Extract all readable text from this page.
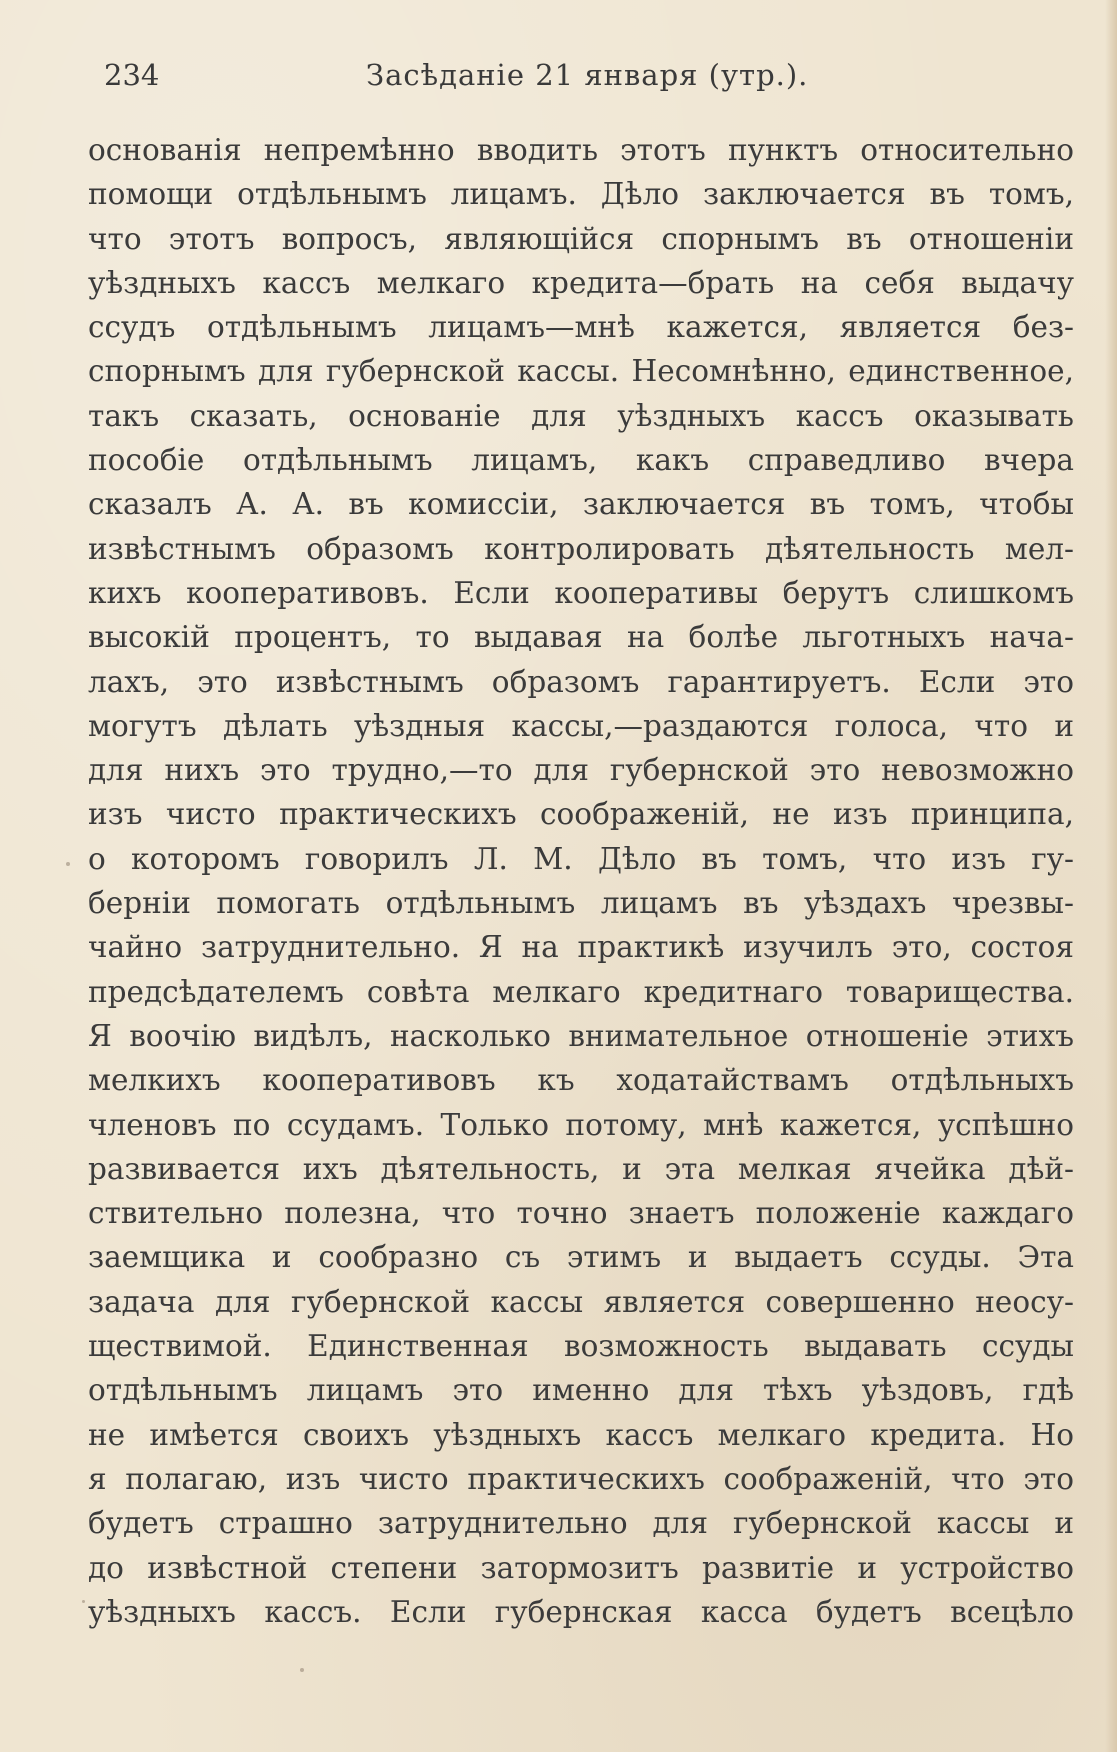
234	Засѣданіе 21 января (утр.).
основанія непремѣнно вводить этотъ пунктъ относительно
помощи отдѣльнымъ лицамъ. Дѣло заключается въ томъ,
что этотъ вопросъ, являющійся спорнымъ въ отношеніи
уѣздныхъ кассъ мелкаго кредита—брать на себя выдачу
ссудъ отдѣльнымъ лицамъ—мнѣ кажется, является без-
спорнымъ для губернской кассы. Несомнѣнно, единственное,
такъ сказать, основаніе для уѣздныхъ кассъ оказывать
пособіе отдѣльнымъ лицамъ, какъ справедливо вчера
сказалъ А. А. въ комиссіи, заключается въ томъ, чтобы
извѣстнымъ образомъ контролировать дѣятельность мел-
кихъ кооперативовъ. Если кооперативы берутъ слишкомъ
высокій процентъ, то выдавая на болѣе льготныхъ нача-
лахъ, это извѣстнымъ образомъ гарантируетъ. Если это
могутъ дѣлать уѣздныя кассы,—раздаются голоса, что и
для нихъ это трудно,—то для губернской это невозможно
изъ чисто практическихъ соображеній, не изъ принципа,
о которомъ говорилъ Л. М. Дѣло въ томъ, что изъ гу-
берніи помогать отдѣльнымъ лицамъ въ уѣздахъ чрезвы-
чайно затруднительно. Я на практикѣ изучилъ это, состоя
предсѣдателемъ совѣта мелкаго кредитнаго товарищества.
Я воочію видѣлъ, насколько внимательное отношеніе этихъ
мелкихъ кооперативовъ къ ходатайствамъ отдѣльныхъ
членовъ по ссудамъ. Только потому, мнѣ кажется, успѣшно
развивается ихъ дѣятельность, и эта мелкая ячейка дѣй-
ствительно полезна, что точно знаетъ положеніе каждаго
заемщика и сообразно съ этимъ и выдаетъ ссуды. Эта
задача для губернской кассы является совершенно неосу-
ществимой. Единственная возможность выдавать ссуды
отдѣльнымъ лицамъ это именно для тѣхъ уѣздовъ, гдѣ
не имѣется своихъ уѣздныхъ кассъ мелкаго кредита. Но
я полагаю, изъ чисто практическихъ соображеній, что это
будетъ страшно затруднительно для губернской кассы и
до извѣстной степени затормозитъ развитіе и устройство
уѣздныхъ кассъ. Если губернская касса будетъ всецѣло
